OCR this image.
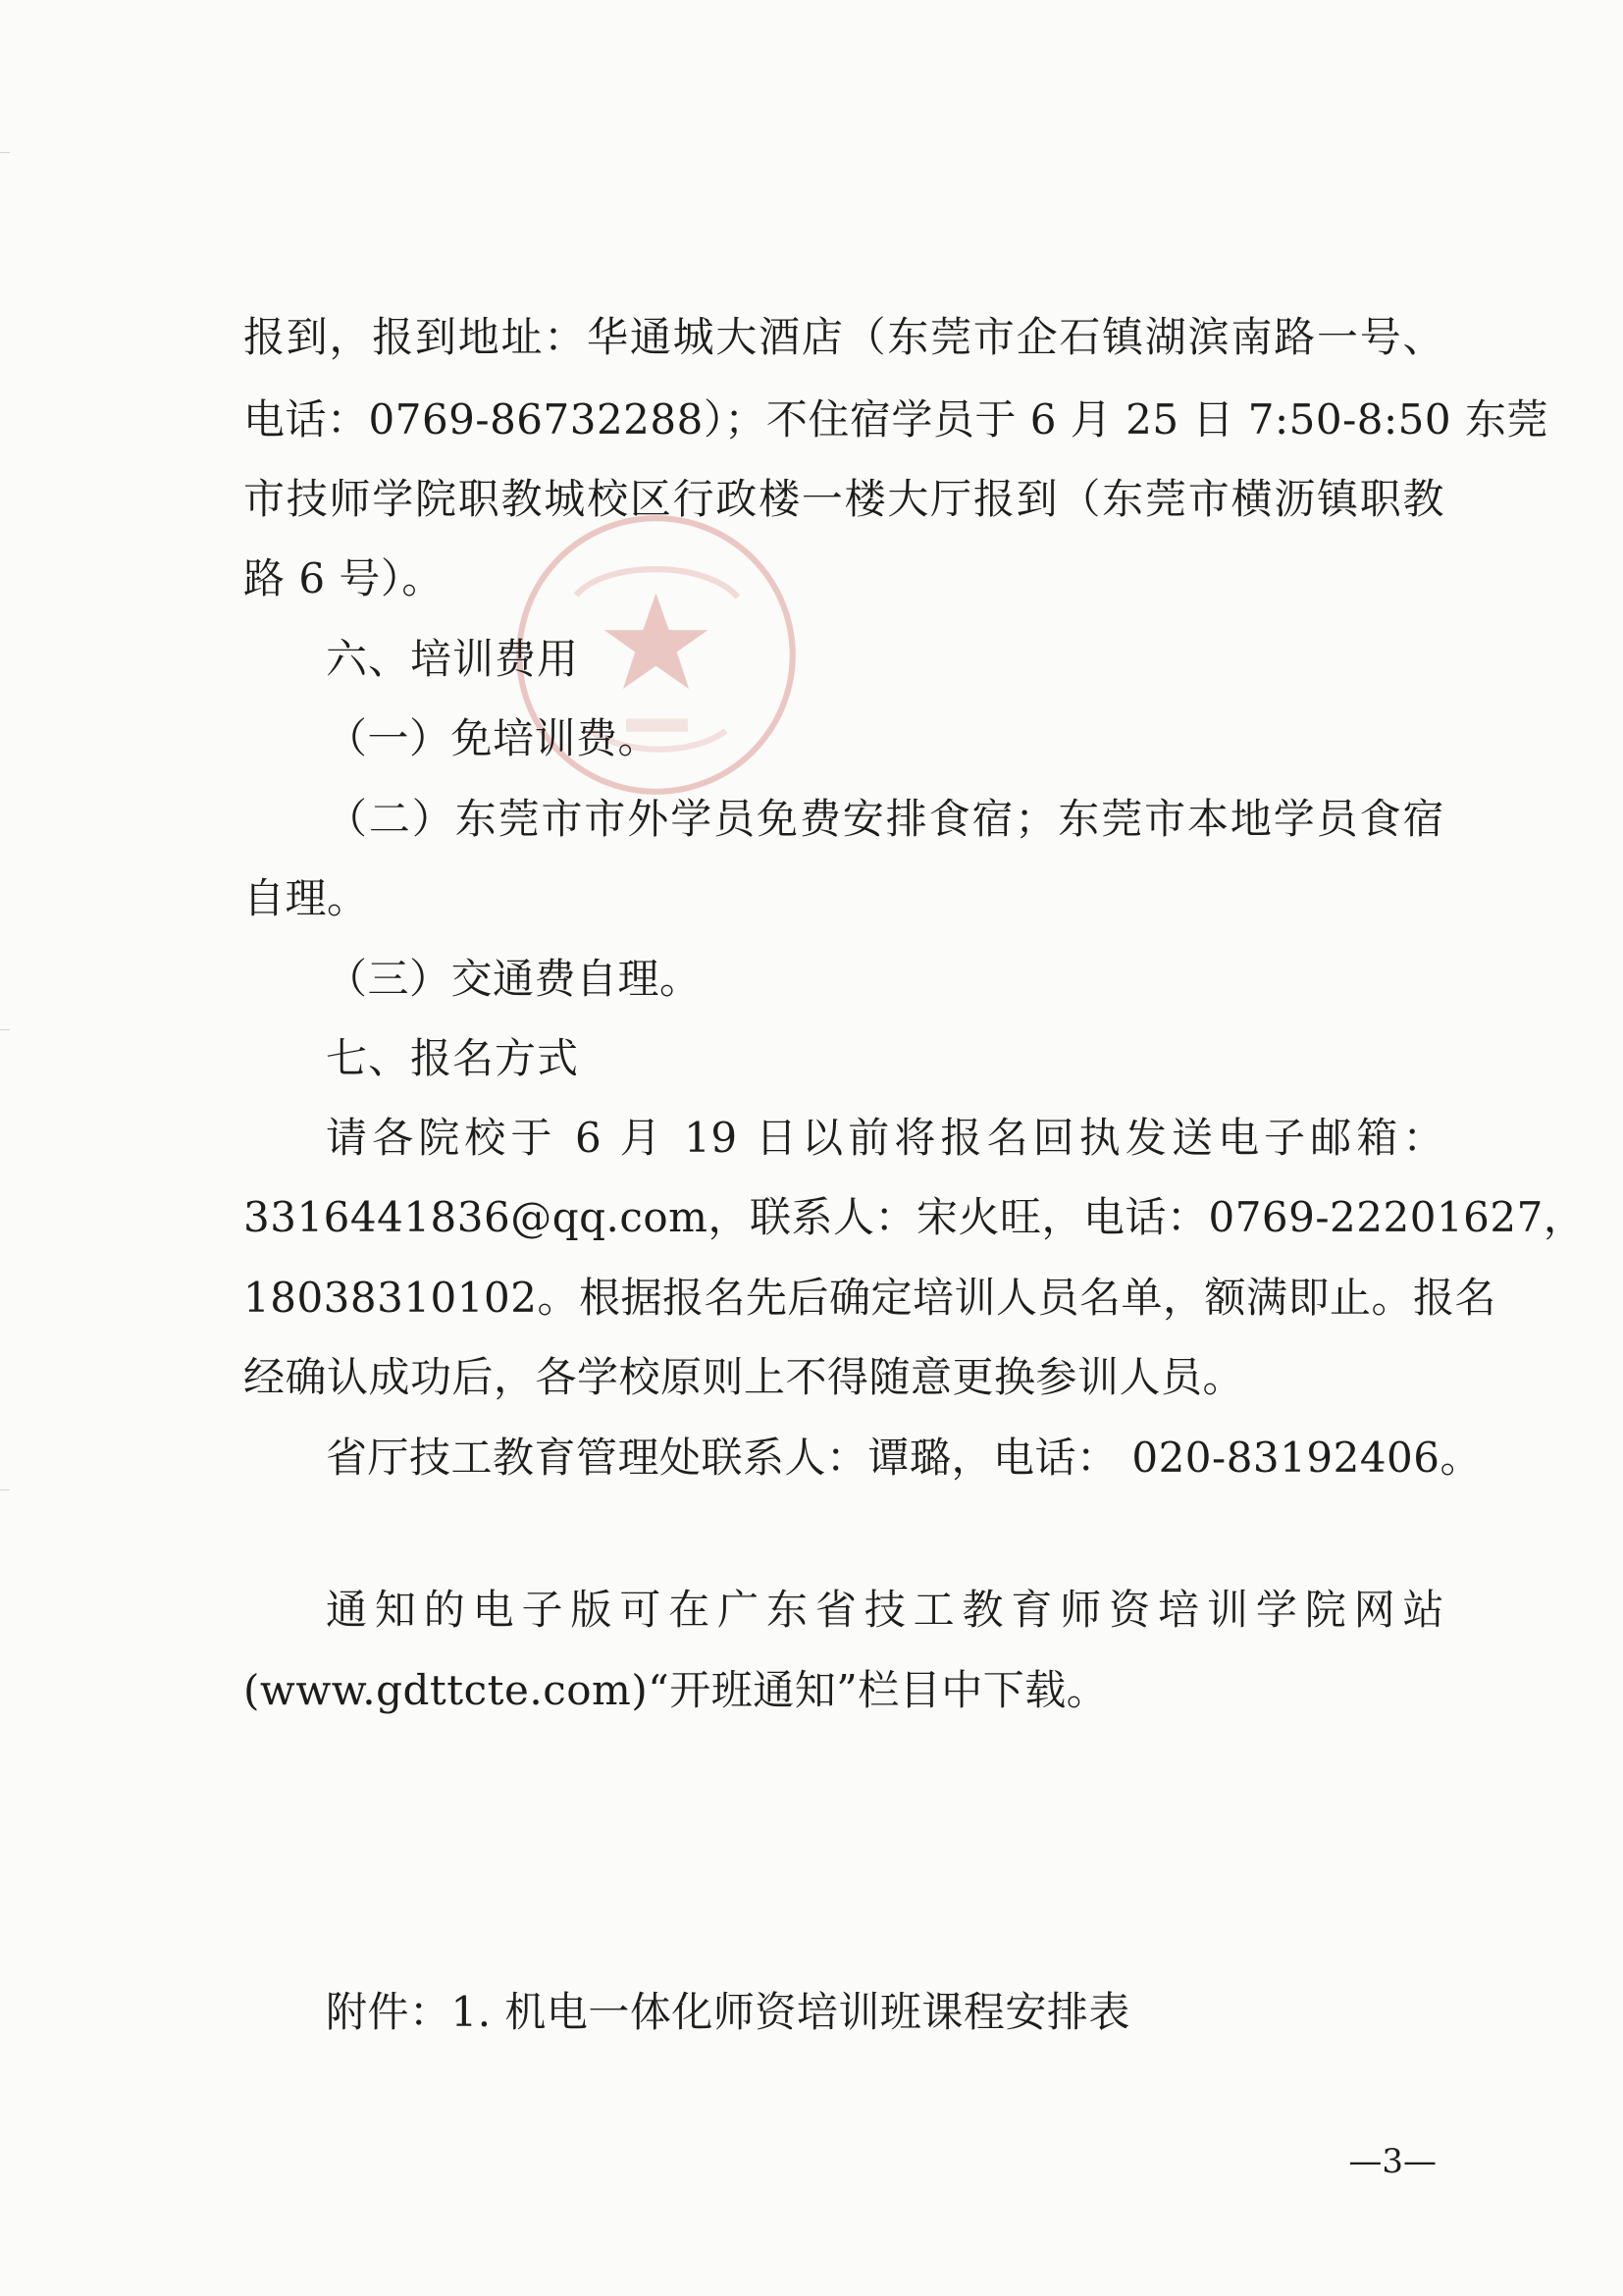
报到，报到地址：华通城大酒店（东莞市企石镇湖滨南路一号、
电话：0769-86732288）；不住宿学员于 6 月 25 日 7:50-8:50 东莞
市技师学院职教城校区行政楼一楼大厅报到（东莞市横沥镇职教
路 6 号）。
六、培训费用
（一）免培训费。
（二）东莞市市外学员免费安排食宿；东莞市本地学员食宿
自理。
（三）交通费自理。
七、报名方式
请各院校于 6 月 19 日以前将报名回执发送电子邮箱：
3316441836@qq.com，联系人：宋火旺，电话：0769-22201627，
18038310102。根据报名先后确定培训人员名单，额满即止。报名
经确认成功后，各学校原则上不得随意更换参训人员。
省厅技工教育管理处联系人：谭璐，电话： 020-83192406。
通知的电子版可在广东省技工教育师资培训学院网站
(www.gdttcte.com)“开班通知”栏目中下载。
附件：1. 机电一体化师资培训班课程安排表
—3—
